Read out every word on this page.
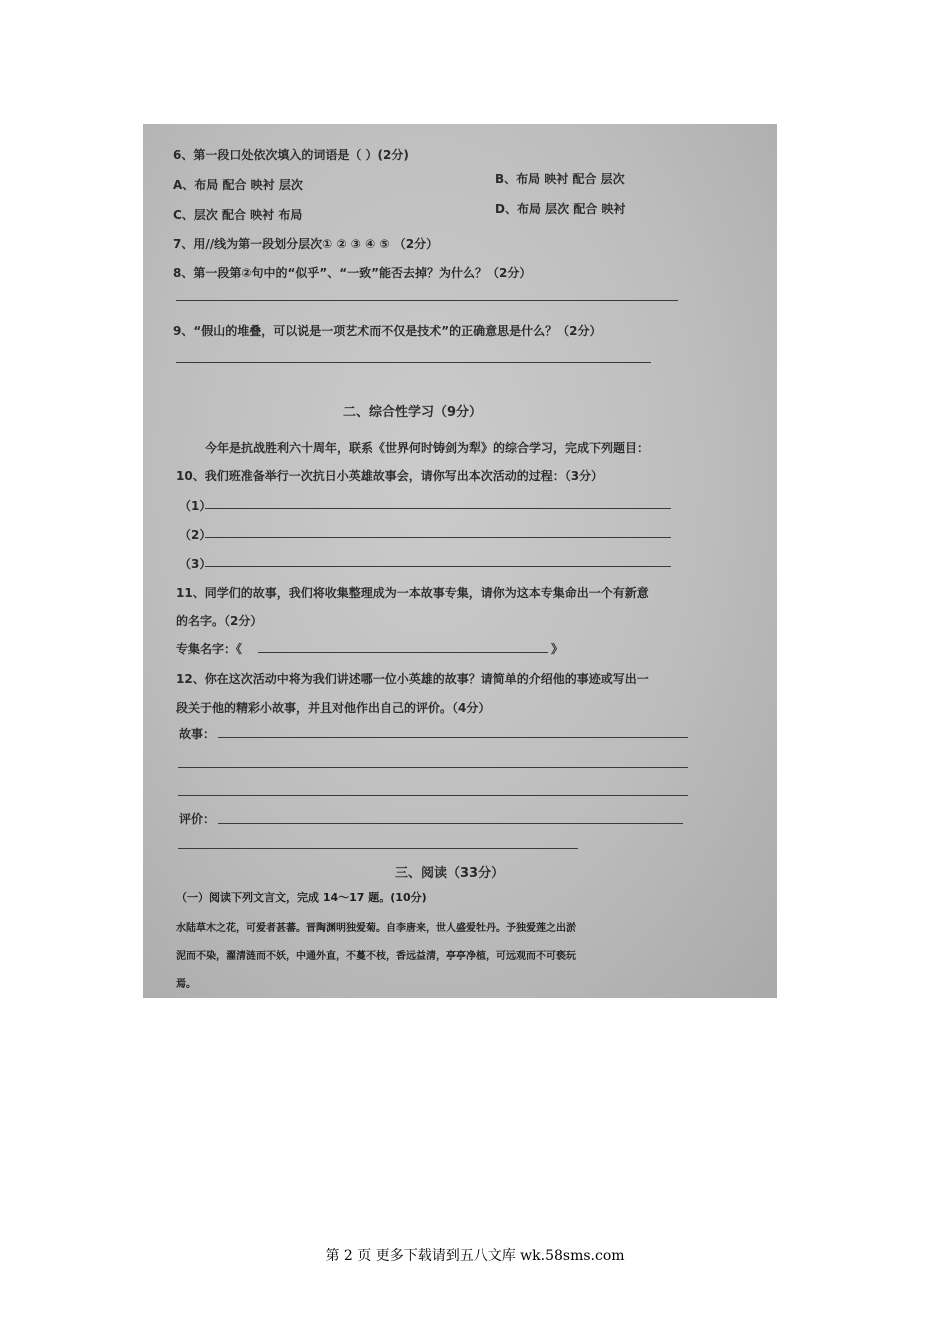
6、第一段口处依次填入的词语是（ ）(2分)
A、布局 配合 映衬 层次	B、布局 映衬 配合 层次
C、层次 配合 映衬 布局	D、布局 层次 配合 映衬
7、用//线为第一段划分层次① ② ③ ④ ⑤ （2分）
8、第一段第②句中的“似乎”、“一致”能否去掉？为什么？（2分）
9、“假山的堆叠，可以说是一项艺术而不仅是技术”的正确意思是什么？（2分）
二、综合性学习（9分）
今年是抗战胜利六十周年，联系《世界何时铸剑为犁》的综合学习，完成下列题目：
10、我们班准备举行一次抗日小英雄故事会，请你写出本次活动的过程：（3分）
（1）
（2）
（3）
11、同学们的故事，我们将收集整理成为一本故事专集，请你为这本专集命出一个有新意
的名字。（2分）
专集名字：《	》
12、你在这次活动中将为我们讲述哪一位小英雄的故事？请简单的介绍他的事迹或写出一
段关于他的精彩小故事，并且对他作出自己的评价。（4分）
故事：
评价：
三、阅读（33分）
（一）阅读下列文言文，完成 14～17 题。(10分)
水陆草木之花，可爱者甚蕃。晋陶渊明独爱菊。自李唐来，世人盛爱牡丹。予独爱莲之出淤
泥而不染，濯清涟而不妖，中通外直，不蔓不枝，香远益清，亭亭净植，可远观而不可亵玩
焉。
第 2 页 更多下载请到五八文库 wk.58sms.com
